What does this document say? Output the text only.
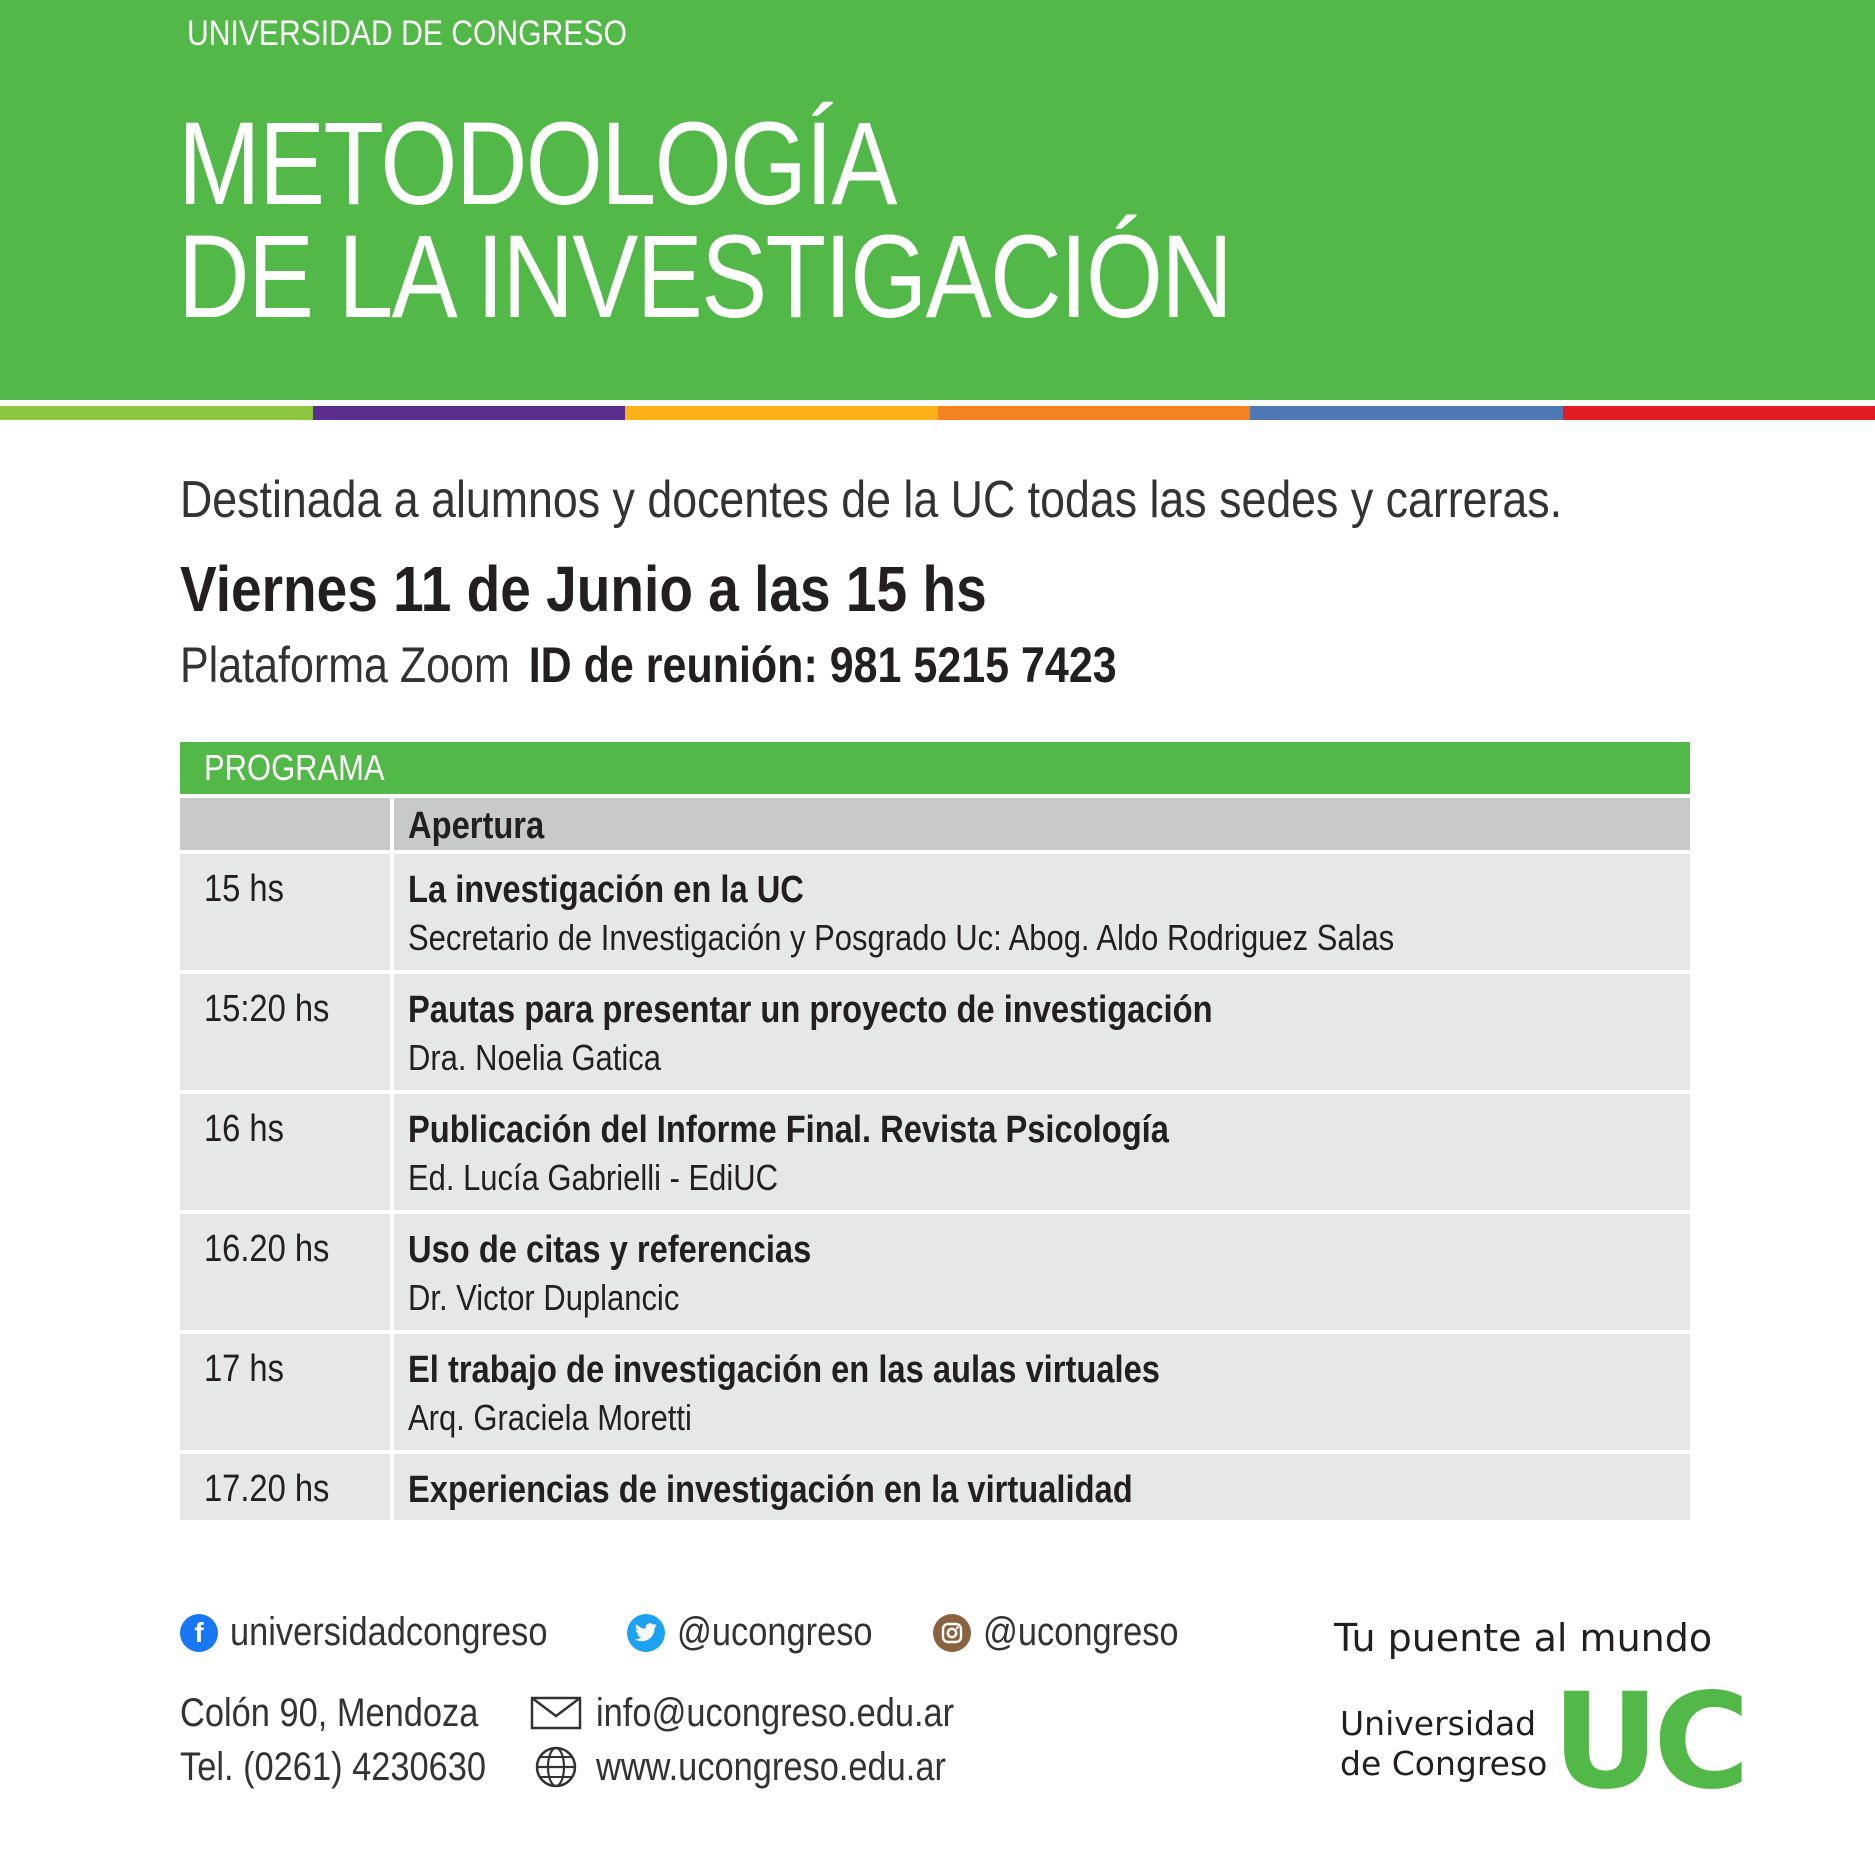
UNIVERSIDAD DE CONGRESO
METODOLOGÍA
DE LA INVESTIGACIÓN
Destinada a alumnos y docentes de la UC todas las sedes y carreras.
Viernes 11 de Junio a las 15 hs
Plataforma Zoom ID de reunión: 981 5215 7423
PROGRAMA
Apertura
15 hs	La investigación en la UC
Secretario de Investigación y Posgrado Uc: Abog. Aldo Rodriguez Salas
15:20 hs	Pautas para presentar un proyecto de investigación
Dra. Noelia Gatica
16 hs	Publicación del Informe Final. Revista Psicología
Ed. Lucía Gabrielli - EdiUC
16.20 hs	Uso de citas y referencias
Dr. Victor Duplancic
17 hs	El trabajo de investigación en las aulas virtuales
Arq. Graciela Moretti
17.20 hs	Experiencias de investigación en la virtualidad
f universidadcongreso	@ucongreso	@ucongreso
Colón 90, Mendoza
Tel. (0261) 4230630
info@ucongreso.edu.ar
www.ucongreso.edu.ar
Tu puente al mundo
Universidad
de Congreso UC
